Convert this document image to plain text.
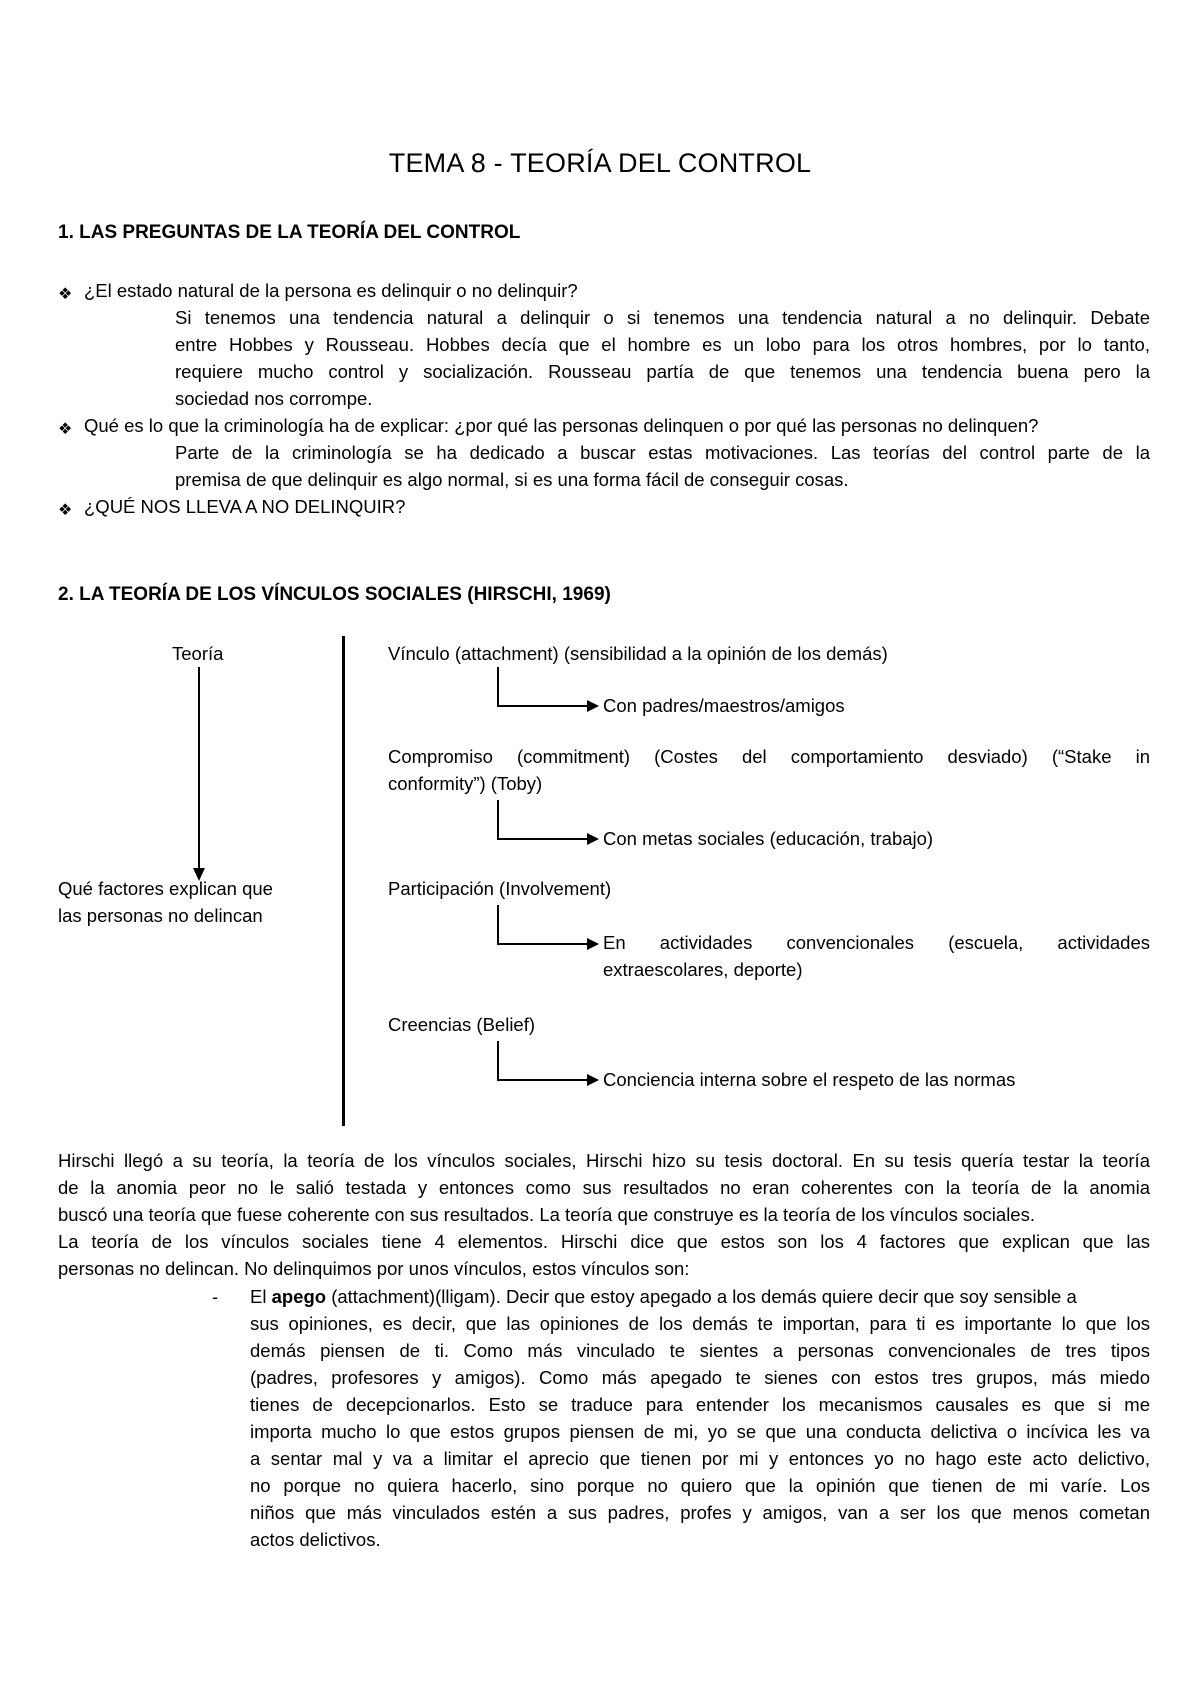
TEMA 8 - TEORÍA DEL CONTROL
1. LAS PREGUNTAS DE LA TEORÍA DEL CONTROL
❖ ¿El estado natural de la persona es delinquir o no delinquir?
Si tenemos una tendencia natural a delinquir o si tenemos una tendencia natural a no delinquir. Debate
entre Hobbes y Rousseau. Hobbes decía que el hombre es un lobo para los otros hombres, por lo tanto,
requiere mucho control y socialización. Rousseau partía de que tenemos una tendencia buena pero la
sociedad nos corrompe.
❖ Qué es lo que la criminología ha de explicar: ¿por qué las personas delinquen o por qué las personas no delinquen?
Parte de la criminología se ha dedicado a buscar estas motivaciones. Las teorías del control parte de la
premisa de que delinquir es algo normal, si es una forma fácil de conseguir cosas.
❖ ¿QUÉ NOS LLEVA A NO DELINQUIR?
2. LA TEORÍA DE LOS VÍNCULOS SOCIALES (HIRSCHI, 1969)
Teoría
Qué factores explican que
las personas no delincan
Vínculo (attachment) (sensibilidad a la opinión de los demás)
Con padres/maestros/amigos
Compromiso (commitment) (Costes del comportamiento desviado) (“Stake in
conformity”) (Toby)
Con metas sociales (educación, trabajo)
Participación (Involvement)
En actividades convencionales (escuela, actividades
extraescolares, deporte)
Creencias (Belief)
Conciencia interna sobre el respeto de las normas
Hirschi llegó a su teoría, la teoría de los vínculos sociales, Hirschi hizo su tesis doctoral. En su tesis quería testar la teoría
de la anomia peor no le salió testada y entonces como sus resultados no eran coherentes con la teoría de la anomia
buscó una teoría que fuese coherente con sus resultados. La teoría que construye es la teoría de los vínculos sociales.
La teoría de los vínculos sociales tiene 4 elementos. Hirschi dice que estos son los 4 factores que explican que las
personas no delincan. No delinquimos por unos vínculos, estos vínculos son:
- El apego (attachment)(lligam). Decir que estoy apegado a los demás quiere decir que soy sensible a
sus opiniones, es decir, que las opiniones de los demás te importan, para ti es importante lo que los
demás piensen de ti. Como más vinculado te sientes a personas convencionales de tres tipos
(padres, profesores y amigos). Como más apegado te sienes con estos tres grupos, más miedo
tienes de decepcionarlos. Esto se traduce para entender los mecanismos causales es que si me
importa mucho lo que estos grupos piensen de mi, yo se que una conducta delictiva o incívica les va
a sentar mal y va a limitar el aprecio que tienen por mi y entonces yo no hago este acto delictivo,
no porque no quiera hacerlo, sino porque no quiero que la opinión que tienen de mi varíe. Los
niños que más vinculados estén a sus padres, profes y amigos, van a ser los que menos cometan
actos delictivos.
